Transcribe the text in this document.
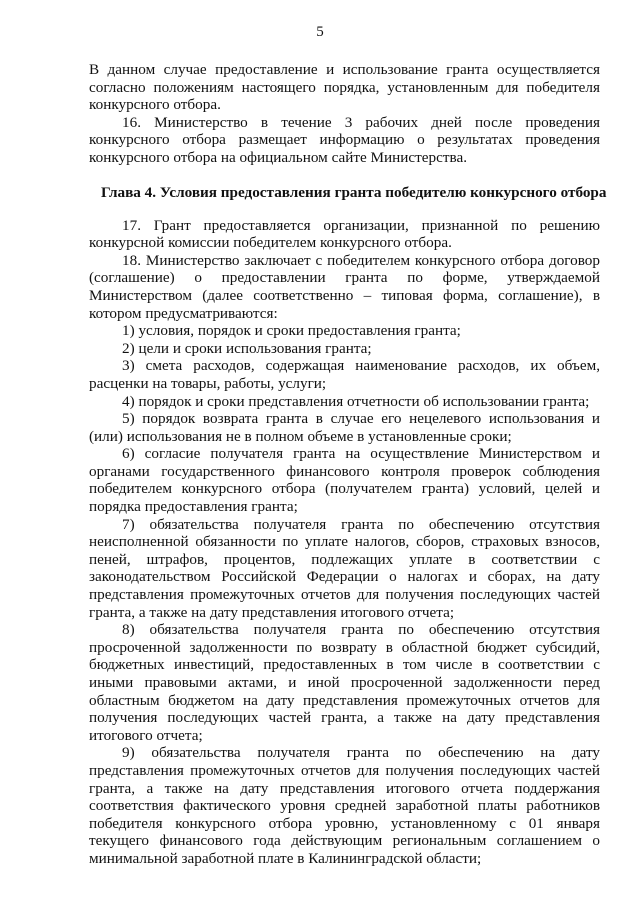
5

В данном случае предоставление и использование гранта осуществляется согласно положениям настоящего порядка, установленным для победителя конкурсного отбора.

16. Министерство в течение 3 рабочих дней после проведения конкурсного отбора размещает информацию о результатах проведения конкурсного отбора на официальном сайте Министерства.

Глава 4. Условия предоставления гранта победителю конкурсного отбора

17. Грант предоставляется организации, признанной по решению конкурсной комиссии победителем конкурсного отбора.

18. Министерство заключает с победителем конкурсного отбора договор (соглашение) о предоставлении гранта по форме, утверждаемой Министерством (далее соответственно – типовая форма, соглашение), в котором предусматриваются:

1) условия, порядок и сроки предоставления гранта;

2) цели и сроки использования гранта;

3) смета расходов, содержащая наименование расходов, их объем, расценки на товары, работы, услуги;

4) порядок и сроки представления отчетности об использовании гранта;

5) порядок возврата гранта в случае его нецелевого использования и (или) использования не в полном объеме в установленные сроки;

6) согласие получателя гранта на осуществление Министерством и органами государственного финансового контроля проверок соблюдения победителем конкурсного отбора (получателем гранта) условий, целей и порядка предоставления гранта;

7) обязательства получателя гранта по обеспечению отсутствия неисполненной обязанности по уплате налогов, сборов, страховых взносов, пеней, штрафов, процентов, подлежащих уплате в соответствии с законодательством Российской Федерации о налогах и сборах, на дату представления промежуточных отчетов для получения последующих частей гранта, а также на дату представления итогового отчета;

8) обязательства получателя гранта по обеспечению отсутствия просроченной задолженности по возврату в областной бюджет субсидий, бюджетных инвестиций, предоставленных в том числе в соответствии с иными правовыми актами, и иной просроченной задолженности перед областным бюджетом на дату представления промежуточных отчетов для получения последующих частей гранта, а также на дату представления итогового отчета;

9) обязательства получателя гранта по обеспечению на дату представления промежуточных отчетов для получения последующих частей гранта, а также на дату представления итогового отчета поддержания соответствия фактического уровня средней заработной платы работников победителя конкурсного отбора уровню, установленному с 01 января текущего финансового года действующим региональным соглашением о минимальной заработной плате в Калининградской области;
